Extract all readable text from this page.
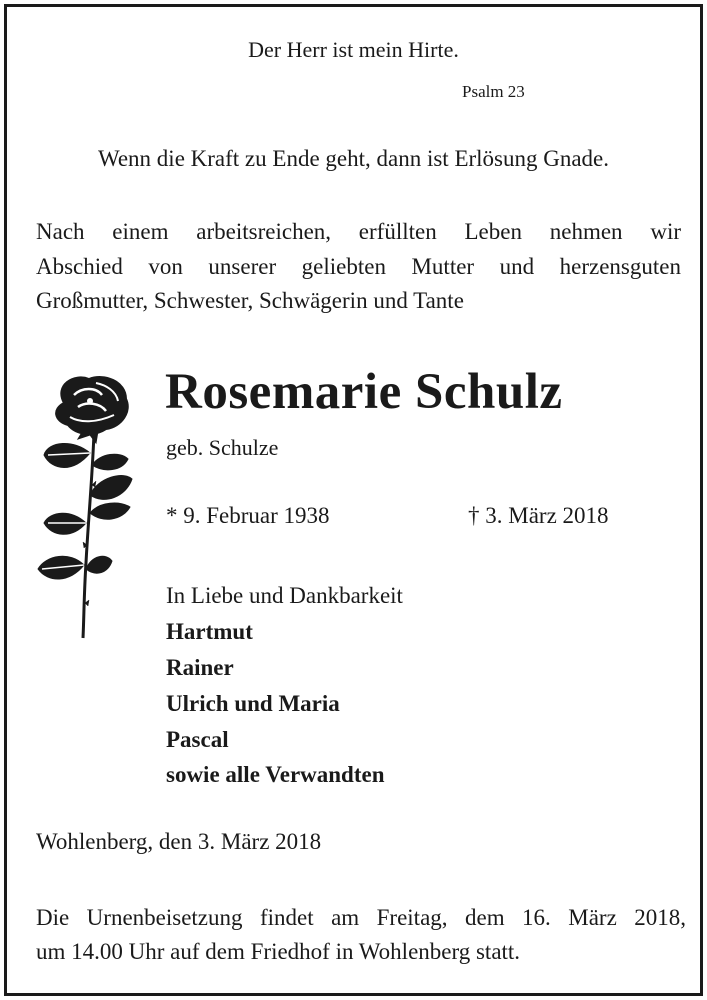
Der Herr ist mein Hirte.
Psalm 23
Wenn die Kraft zu Ende geht, dann ist Erlösung Gnade.
Nach einem arbeitsreichen, erfüllten Leben nehmen wir
Abschied von unserer geliebten Mutter und herzensguten
Großmutter, Schwester, Schwägerin und Tante
Rosemarie Schulz
geb. Schulze
* 9. Februar 1938	† 3. März 2018
In Liebe und Dankbarkeit
Hartmut
Rainer
Ulrich und Maria
Pascal
sowie alle Verwandten
Wohlenberg, den 3. März 2018
Die Urnenbeisetzung findet am Freitag, dem 16. März 2018,
um 14.00 Uhr auf dem Friedhof in Wohlenberg statt.
